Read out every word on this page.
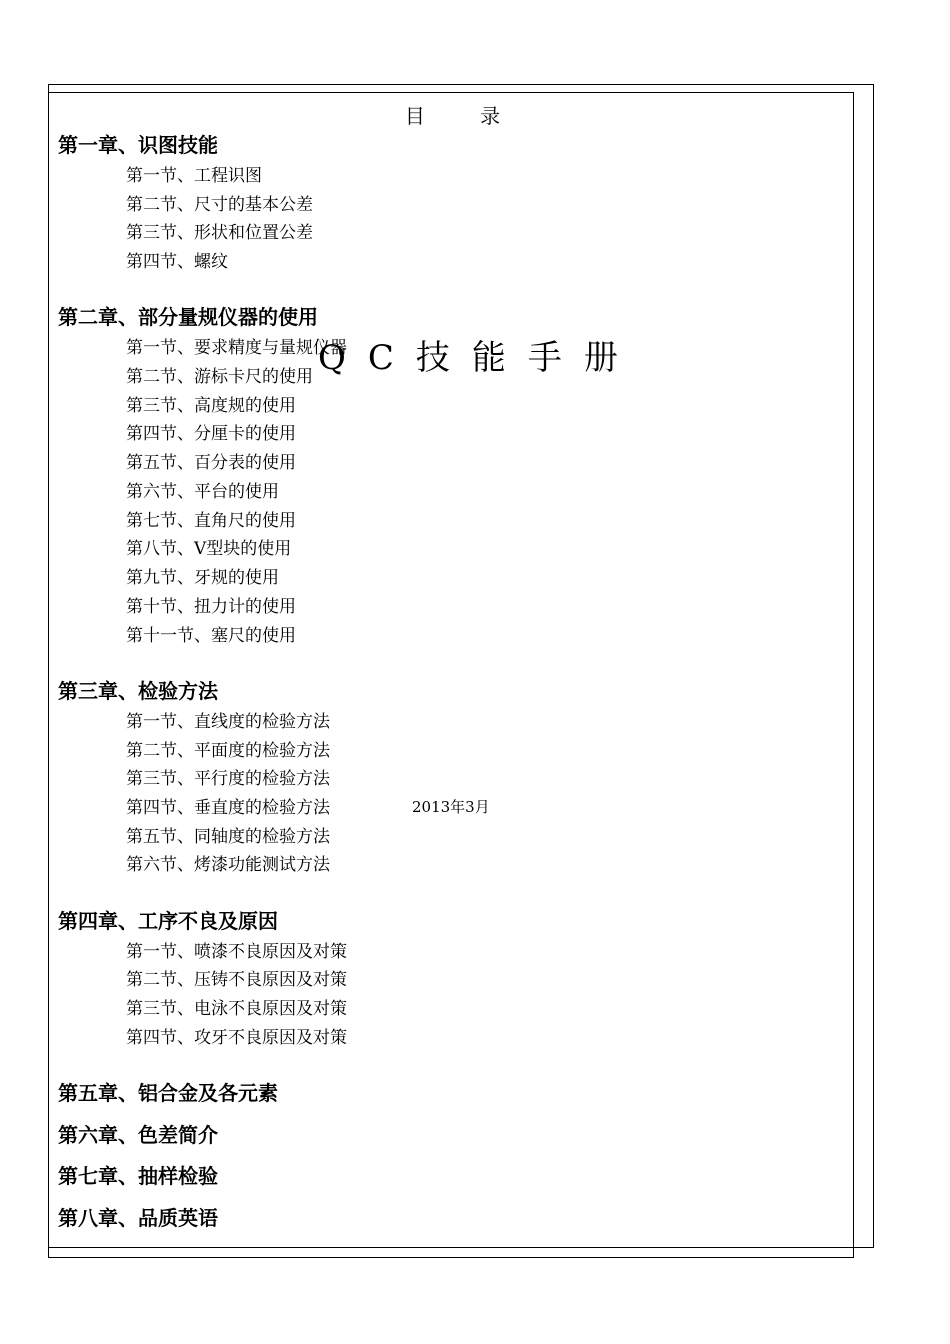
目　 录
第一章、识图技能
第一节、工程识图
第二节、尺寸的基本公差
第三节、形状和位置公差
第四节、螺纹
第二章、部分量规仪器的使用
第一节、要求精度与量规仪器
第二节、游标卡尺的使用
第三节、高度规的使用
第四节、分厘卡的使用
第五节、百分表的使用
第六节、平台的使用
第七节、直角尺的使用
第八节、V型块的使用
第九节、牙规的使用
第十节、扭力计的使用
第十一节、塞尺的使用
第三章、检验方法
第一节、直线度的检验方法
第二节、平面度的检验方法
第三节、平行度的检验方法
第四节、垂直度的检验方法
第五节、同轴度的检验方法
第六节、烤漆功能测试方法
第四章、工序不良及原因
第一节、喷漆不良原因及对策
第二节、压铸不良原因及对策
第三节、电泳不良原因及对策
第四节、攻牙不良原因及对策
第五章、铝合金及各元素
第六章、色差简介
第七章、抽样检验
第八章、品质英语
QC技能手册
2013年3月
